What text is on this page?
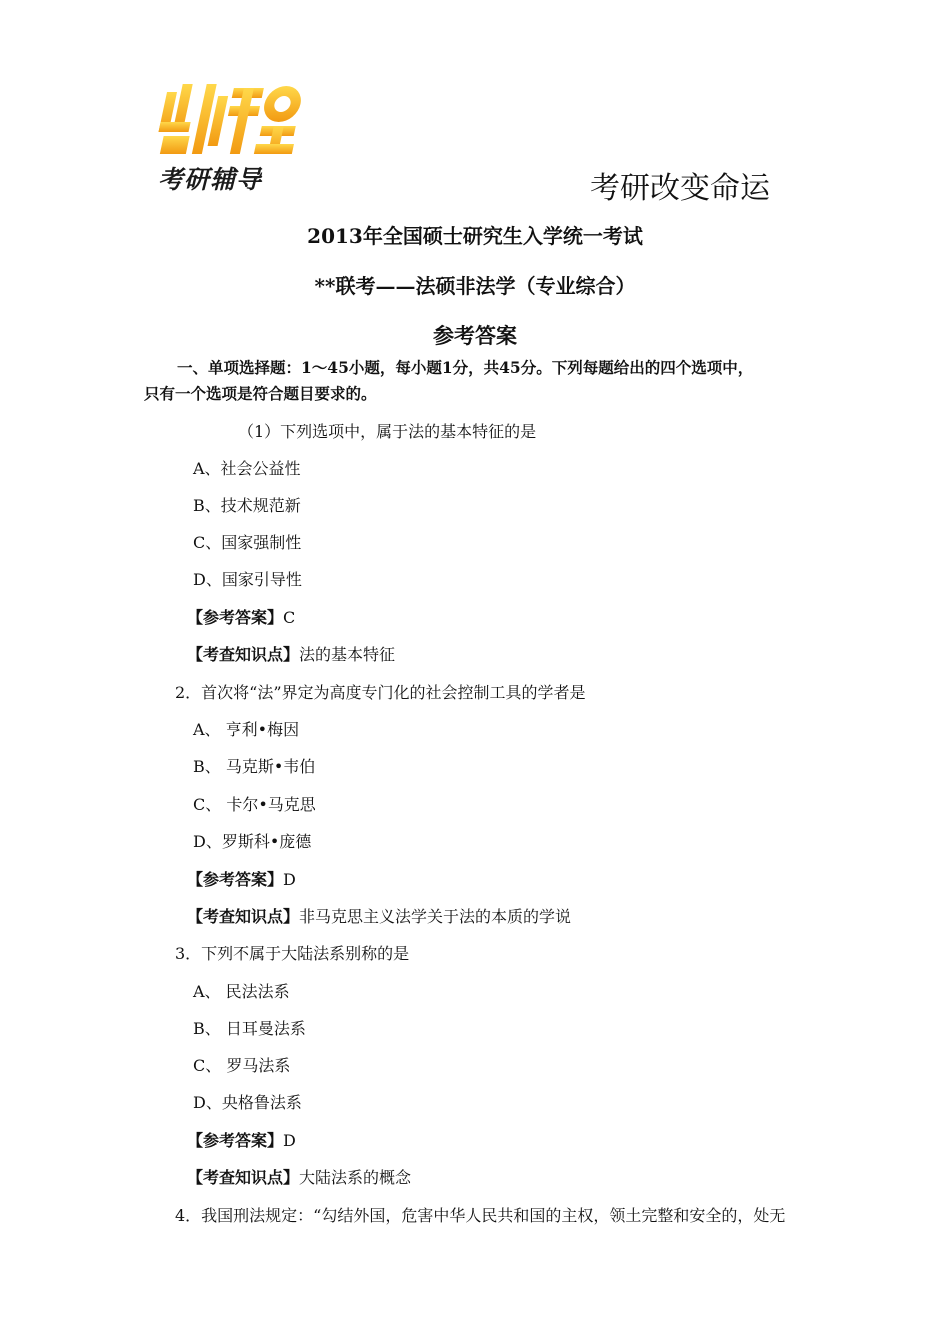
考研辅导	考研改变命运
2013年全国硕士研究生入学统一考试
**联考——法硕非法学（专业综合）
参考答案
一、单项选择题：1～45小题，每小题1分，共45分。下列每题给出的四个选项中，
只有一个选项是符合题目要求的。
（1）下列选项中，属于法的基本特征的是
A、社会公益性
B、技术规范新
C、国家强制性
D、国家引导性
【参考答案】C
【考查知识点】法的基本特征
2．首次将“法”界定为高度专门化的社会控制工具的学者是
A、 亨利•梅因
B、 马克斯•韦伯
C、 卡尔•马克思
D、罗斯科•庞德
【参考答案】D
【考查知识点】非马克思主义法学关于法的本质的学说
3．下列不属于大陆法系别称的是
A、 民法法系
B、 日耳曼法系
C、 罗马法系
D、央格鲁法系
【参考答案】D
【考查知识点】大陆法系的概念
4．我国刑法规定：“勾结外国，危害中华人民共和国的主权，领土完整和安全的，处无
